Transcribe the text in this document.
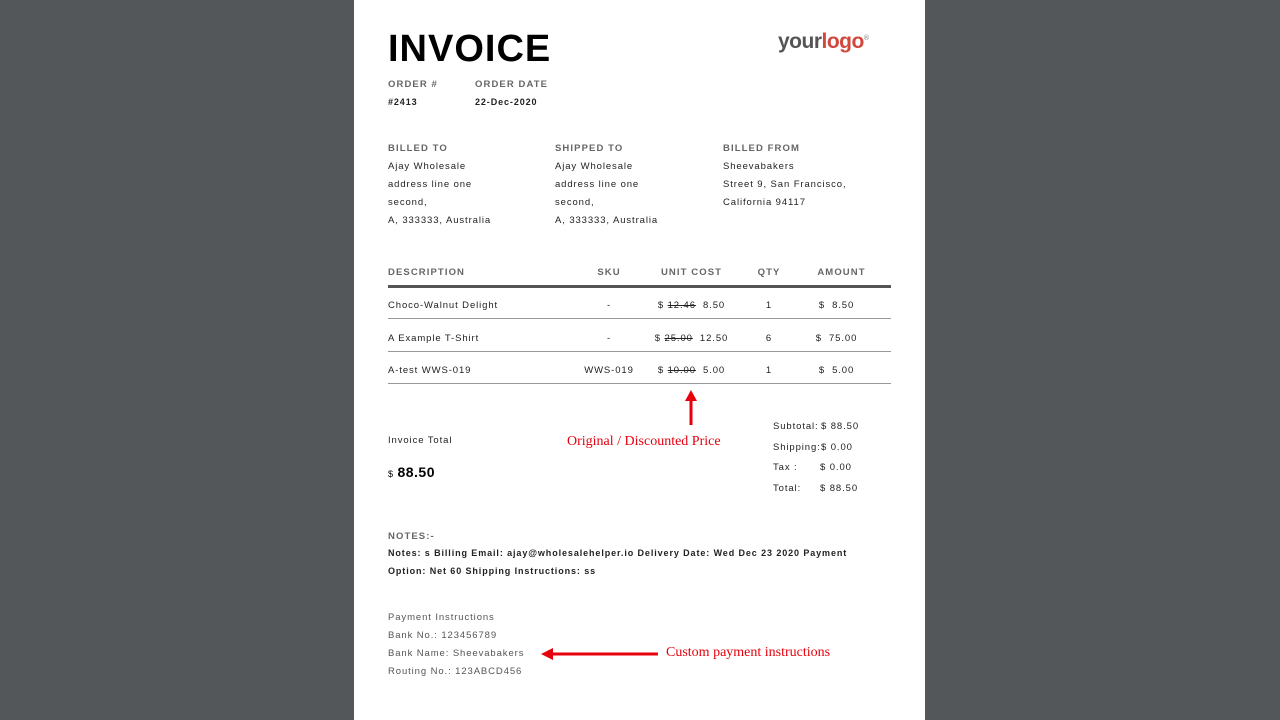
INVOICE	yourlogo®
ORDER #
#2413
ORDER DATE
22-Dec-2020
BILLED TO
Ajay Wholesale
address line one
second,
A, 333333, Australia
SHIPPED TO
Ajay Wholesale
address line one
second,
A, 333333, Australia
BILLED FROM
Sheevabakers
Street 9, San Francisco,
California 94117
DESCRIPTION	SKU	UNIT COST	QTY	AMOUNT
Choco-Walnut Delight	-	$ 12.46 8.50	1	$  8.50
A Example T-Shirt	-	$ 25.00 12.50	6	$  75.00
A-test WWS-019	WWS-019	$ 10.00 5.00	1	$  5.00
Original / Discounted Price
Invoice Total
$ 88.50
Subtotal: $ 88.50
Shipping: $ 0.00
Tax : $ 0.00
Total: $ 88.50
NOTES:-
Notes: s Billing Email: ajay@wholesalehelper.io Delivery Date: Wed Dec 23 2020 Payment
Option: Net 60 Shipping Instructions: ss
Payment Instructions
Bank No.: 123456789
Bank Name: Sheevabakers
Routing No.: 123ABCD456
Custom payment instructions
